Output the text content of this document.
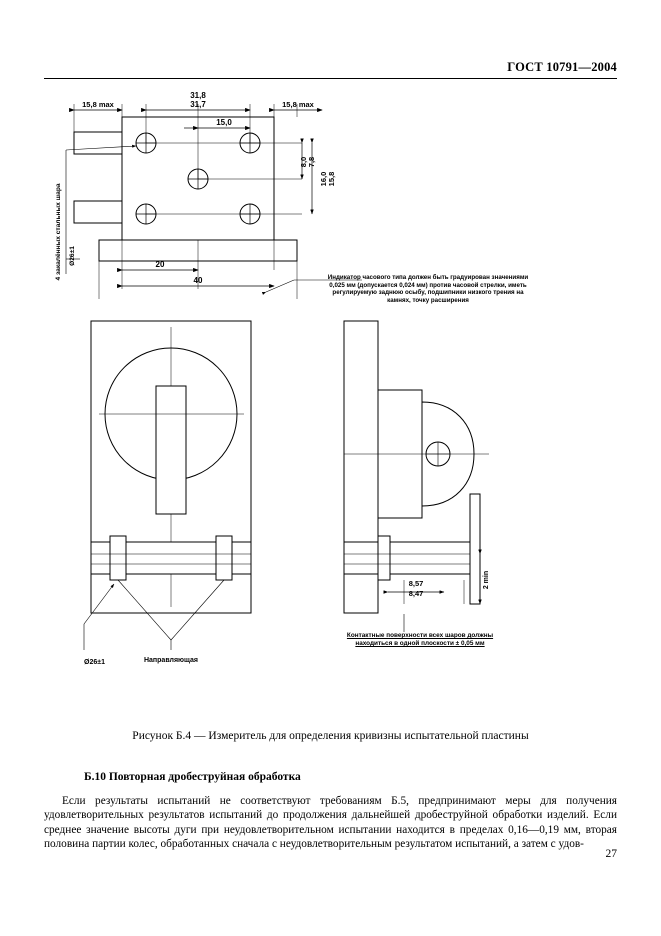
ГОСТ 10791—2004
31,8
31,7
15,8 max	15,8 max
15,0
8,0 7,8
16,0 15,8
20
40
4 закалённых стальных шара Ø26±1
Ø26±1	Направляющая
8,57
8,47
2 min
Индикатор часового типа должен быть градуирован значениями 0,025 мм (допускается 0,024 мм) против часовой стрелки, иметь регулируемую заднюю осыбу, подшипники низкого трения на камнях, точку расширения
Контактные поверхности всех шаров должны находиться в одной плоскости ± 0,05 мм
Рисунок Б.4 — Измеритель для определения кривизны испытательной пластины
Б.10 Повторная дробеструйная обработка
Если результаты испытаний не соответствуют требованиям Б.5, предпринимают меры для получения удовлетворительных результатов испытаний до продолжения дальнейшей дробеструйной обработки изделий. Если среднее значение высоты дуги при неудовлетворительном испытании находится в пределах 0,16—0,19 мм, вторая половина партии колес, обработанных сначала с неудовлетворительным результатом испытаний, а затем с удов-
27
